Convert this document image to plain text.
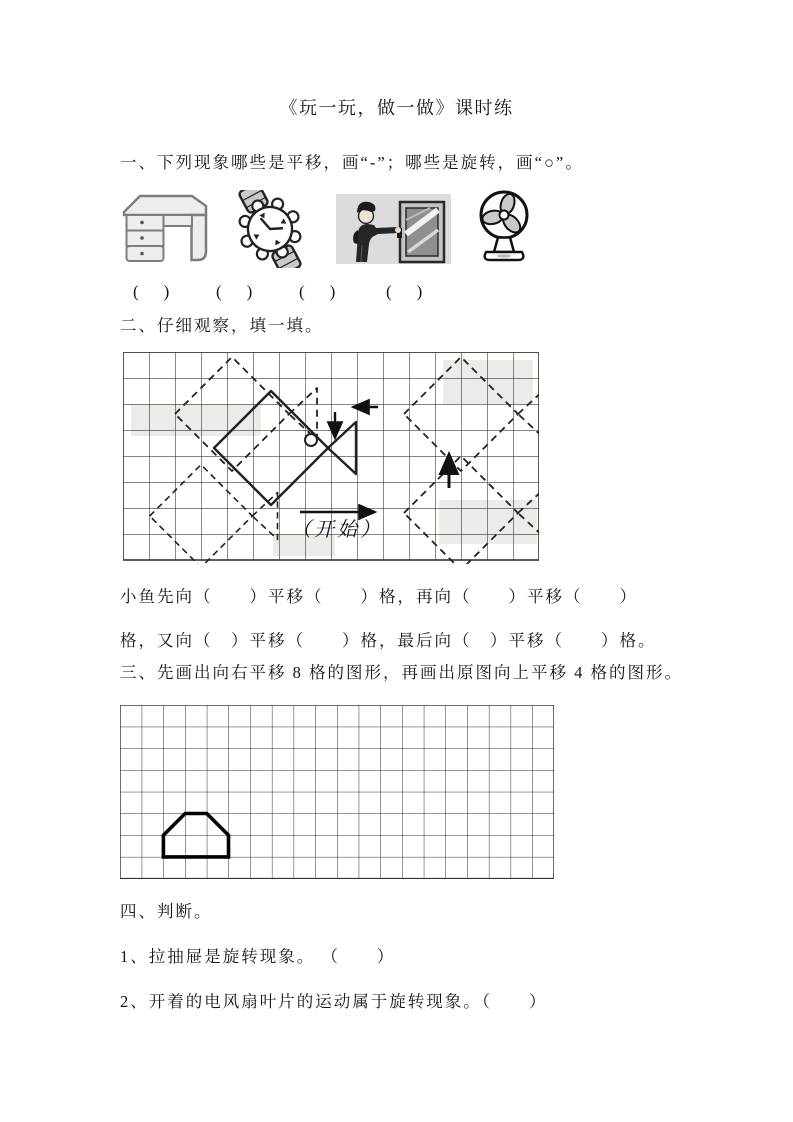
《玩一玩，做一做》课时练
一、下列现象哪些是平移，画“-”；哪些是旋转，画“○”。
(　)	(　)	(　)	(　)
二、仔细观察，填一填。
（开始）
小鱼先向（　　）平移（　　）格，再向（　　）平移（　　）
格，又向（　）平移（　　）格，最后向（　）平移（　　）格。
三、先画出向右平移 8 格的图形，再画出原图向上平移 4 格的图形。
四、判断。
1、拉抽屉是旋转现象。 （　　）
2、开着的电风扇叶片的运动属于旋转现象。（　　）
